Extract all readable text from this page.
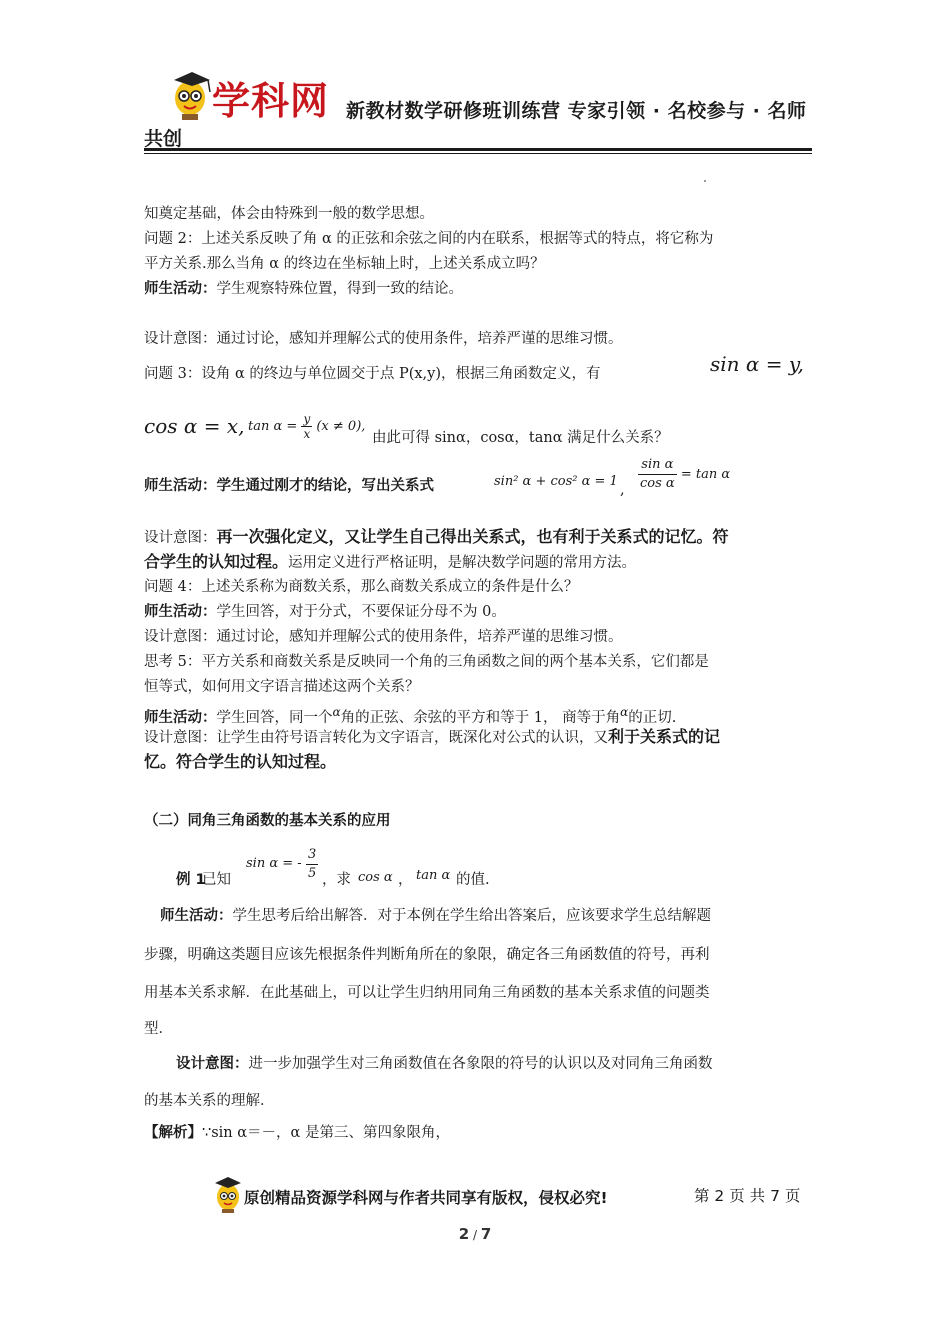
学科网 新教材数学研修班训练营 专家引领 · 名校参与 · 名师
共创
知奠定基础，体会由特殊到一般的数学思想。
问题 2：上述关系反映了角 α 的正弦和余弦之间的内在联系，根据等式的特点，将它称为
平方关系.那么当角 α 的终边在坐标轴上时，上述关系成立吗？
师生活动：学生观察特殊位置，得到一致的结论。
设计意图：通过讨论，感知并理解公式的使用条件，培养严谨的思维习惯。
问题 3：设角 α 的终边与单位圆交于点 P(x,y)，根据三角函数定义，有	sin α = y,
cos α = x, $\tan \alpha = \frac{y}{x} (x \ne 0)$,
由此可得 sinα，cosα，tanα 满足什么关系？
师生活动：学生通过刚才的结论，写出关系式	sin² α + cos² α = 1
, $\frac{\text{sin α}}{\text{cos α}} = \tan \alpha$
设计意图：再一次强化定义，又让学生自己得出关系式，也有利于关系式的记忆。符
合学生的认知过程。运用定义进行严格证明，是解决数学问题的常用方法。
问题 4：上述关系称为商数关系，那么商数关系成立的条件是什么？
师生活动：学生回答，对于分式，不要保证分母不为 0。
设计意图：通过讨论，感知并理解公式的使用条件，培养严谨的思维习惯。
思考 5：平方关系和商数关系是反映同一个角的三角函数之间的两个基本关系，它们都是
恒等式，如何用文字语言描述这两个关系？
师生活动：学生回答，同一个$^\alpha$角的正弦、余弦的平方和等于 1， 商等于角$^\alpha$的正切.
设计意图：让学生由符号语言转化为文字语言，既深化对公式的认识，又利于关系式的记
忆。符合学生的认知过程。
（二）同角三角函数的基本关系的应用
例 1
已知
sin α = - $\frac{3}{5}$ ，求 cos α ， tan α 的值.
师生活动：学生思考后给出解答．对于本例在学生给出答案后，应该要求学生总结解题
步骤，明确这类题目应该先根据条件判断角所在的象限，确定各三角函数值的符号，再利
用基本关系求解．在此基础上，可以让学生归纳用同角三角函数的基本关系求值的问题类
型．
设计意图：进一步加强学生对三角函数值在各象限的符号的认识以及对同角三角函数
的基本关系的理解．
【解析】∵sin α＝－，α 是第三、第四象限角，
原创精品资源学科网与作者共同享有版权，侵权必究!	第 2 页 共 7 页
2 / 7
